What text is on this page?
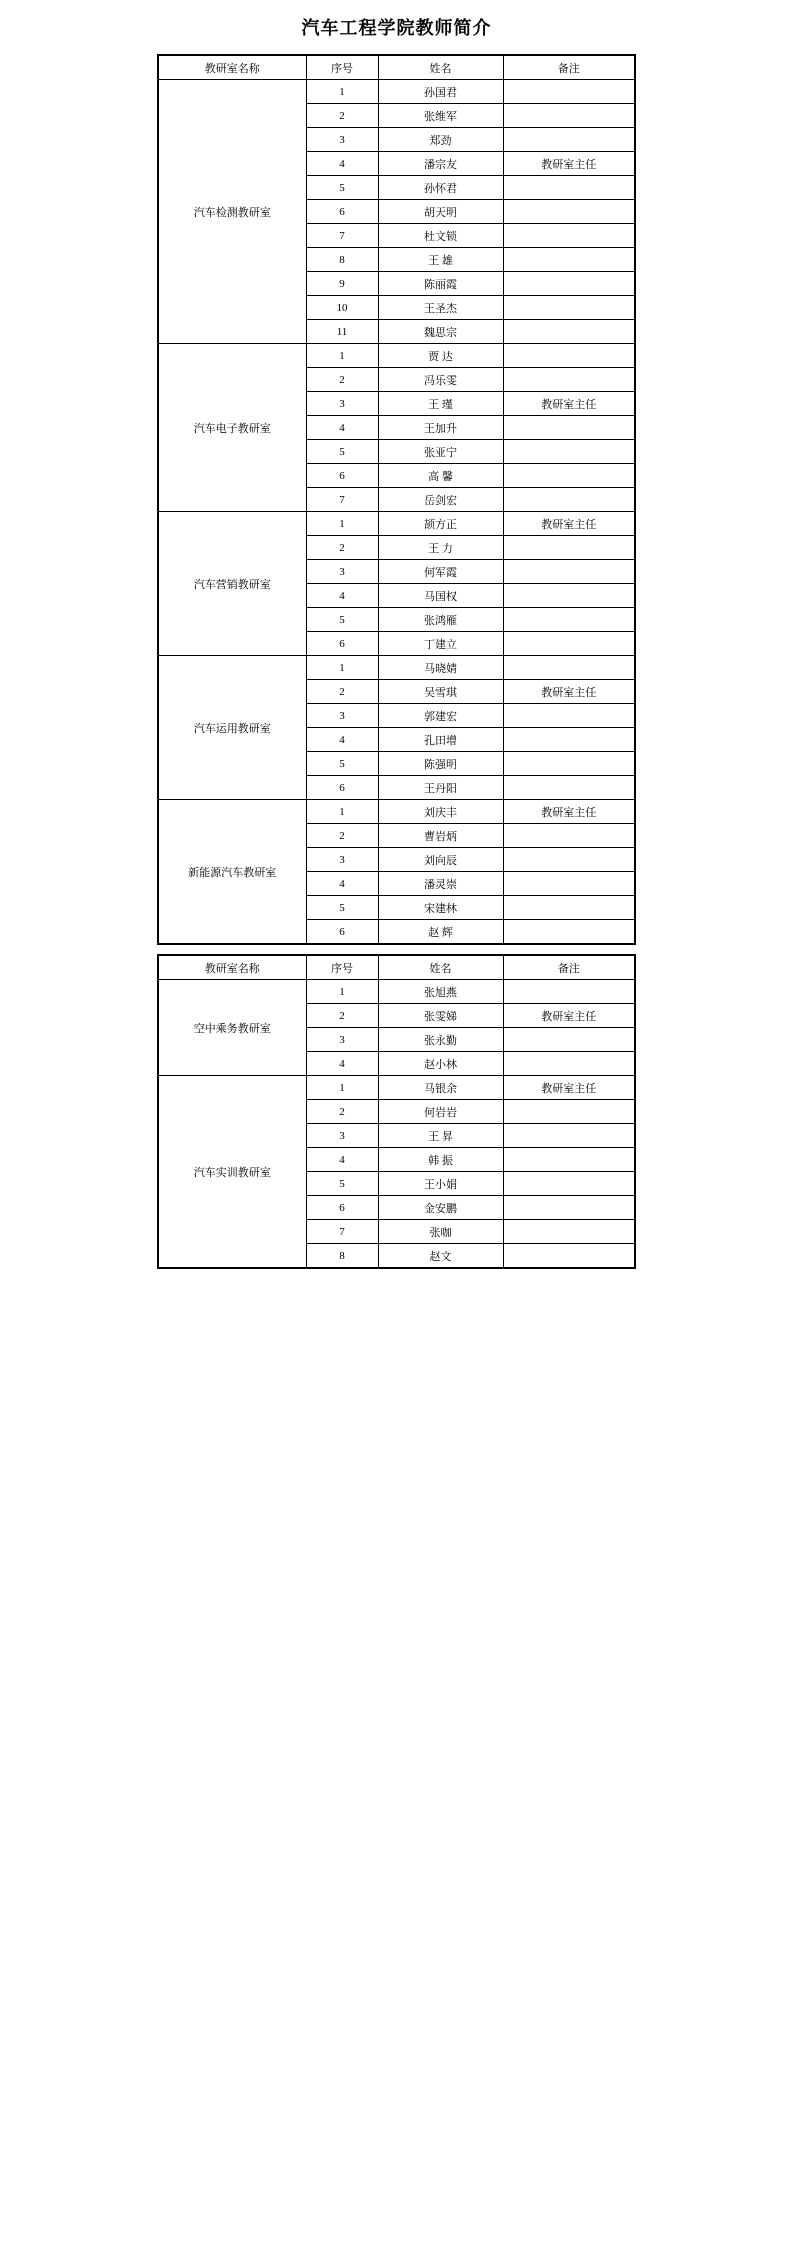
汽车工程学院教师简介
教研室名称	序号	姓名	备注
汽车检测教研室	1	孙国君	
	2	张维军	
	3	郑劲	
	4	潘宗友	教研室主任
	5	孙怀君	
	6	胡天明	
	7	杜文锁	
	8	王 雄	
	9	陈丽霞	
	10	王圣杰	
	11	魏思宗	
汽车电子教研室	1	贾 达	
	2	冯乐雯	
	3	王 瑾	教研室主任
	4	王加升	
	5	张亚宁	
	6	高 馨	
	7	岳剑宏	
汽车营销教研室	1	颉方正	教研室主任
	2	王 力	
	3	何军霞	
	4	马国权	
	5	张鸿雁	
	6	丁建立	
汽车运用教研室	1	马晓婧	
	2	吴雪琪	教研室主任
	3	郭建宏	
	4	孔田增	
	5	陈强明	
	6	王丹阳	
新能源汽车教研室	1	刘庆丰	教研室主任
	2	曹岩炳	
	3	刘向辰	
	4	潘灵崇	
	5	宋建林	
	6	赵 辉	
教研室名称	序号	姓名	备注
空中乘务教研室	1	张旭燕	
	2	张雯娣	教研室主任
	3	张永勤	
	4	赵小林	
汽车实训教研室	1	马银余	教研室主任
	2	何岩岩	
	3	王 昇	
	4	韩 振	
	5	王小娟	
	6	金安鹏	
	7	张咖	
	8	赵文	
